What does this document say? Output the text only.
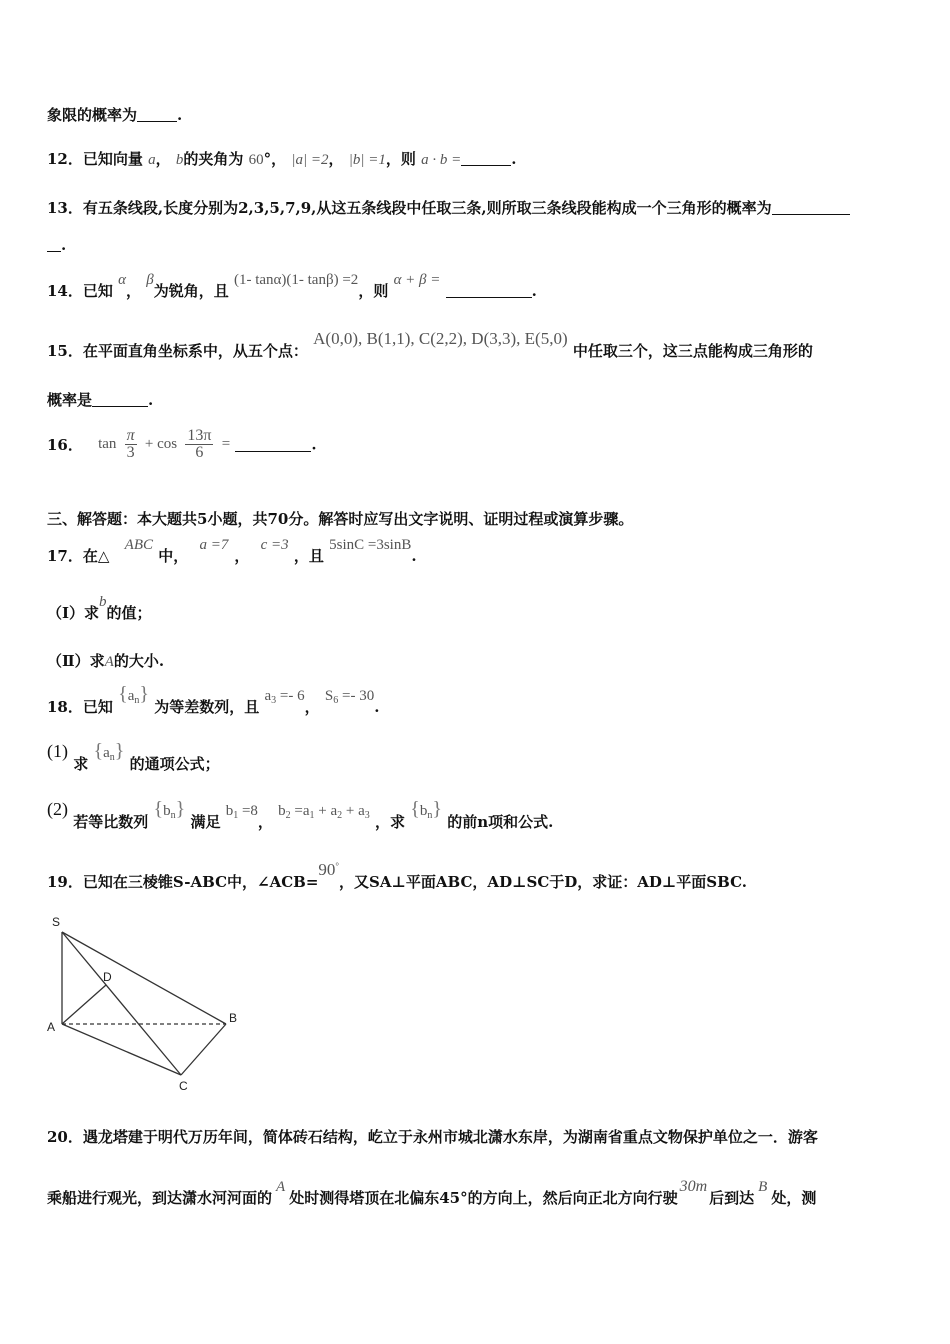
象限的概率为	.
12．已知向量 a， b的夹角为 60°， |a| =2， |b| =1，则 a · b =	.
13．有五条线段,长度分别为2,3,5,7,9,从这五条线段中任取三条,则所取三条线段能构成一个三角形的概率为
.
14．已知 α， β为锐角，且 (1- tanα)(1- tanβ) =2，则 α + β = .
15．在平面直角坐标系中，从五个点： A(0,0), B(1,1), C(2,2), D(3,3), E(5,0) 中任取三个，这三点能构成三角形的
概率是	.
16． $\tan \frac{\pi}{3} + \cos \frac{13\pi}{6}$ =	.
三、解答题：本大题共5小题，共70分。解答时应写出文字说明、证明过程或演算步骤。
17．在△ ABC 中， a =7， c =3 ，且 5sinC =3sinB.
（Ⅰ）求b的值；
（Ⅱ）求A的大小.
18．已知 $\{a_n\}$ 为等差数列，且 $a_3 =- 6$， $S_6 =- 30$.
(1) 求 $\{a_n\}$ 的通项公式；
(2) 若等比数列 $\{b_n\}$ 满足 $b_1 =8$， $b_2 =a_1 + a_2 + a_3$ ，求 $\{b_n\}$ 的前n项和公式.
19．已知在三棱锥S-ABC中，∠ACB=90°，又SA⊥平面ABC，AD⊥SC于D，求证：AD⊥平面SBC.
S
D
A
B
C
20．遇龙塔建于明代万历年间，简体砖石结构，屹立于永州市城北潇水东岸，为湖南省重点文物保护单位之一．游客
乘船进行观光，到达潇水河河面的A处时测得塔顶在北偏东45°的方向上，然后向正北方向行驶30m后到达B处，测
